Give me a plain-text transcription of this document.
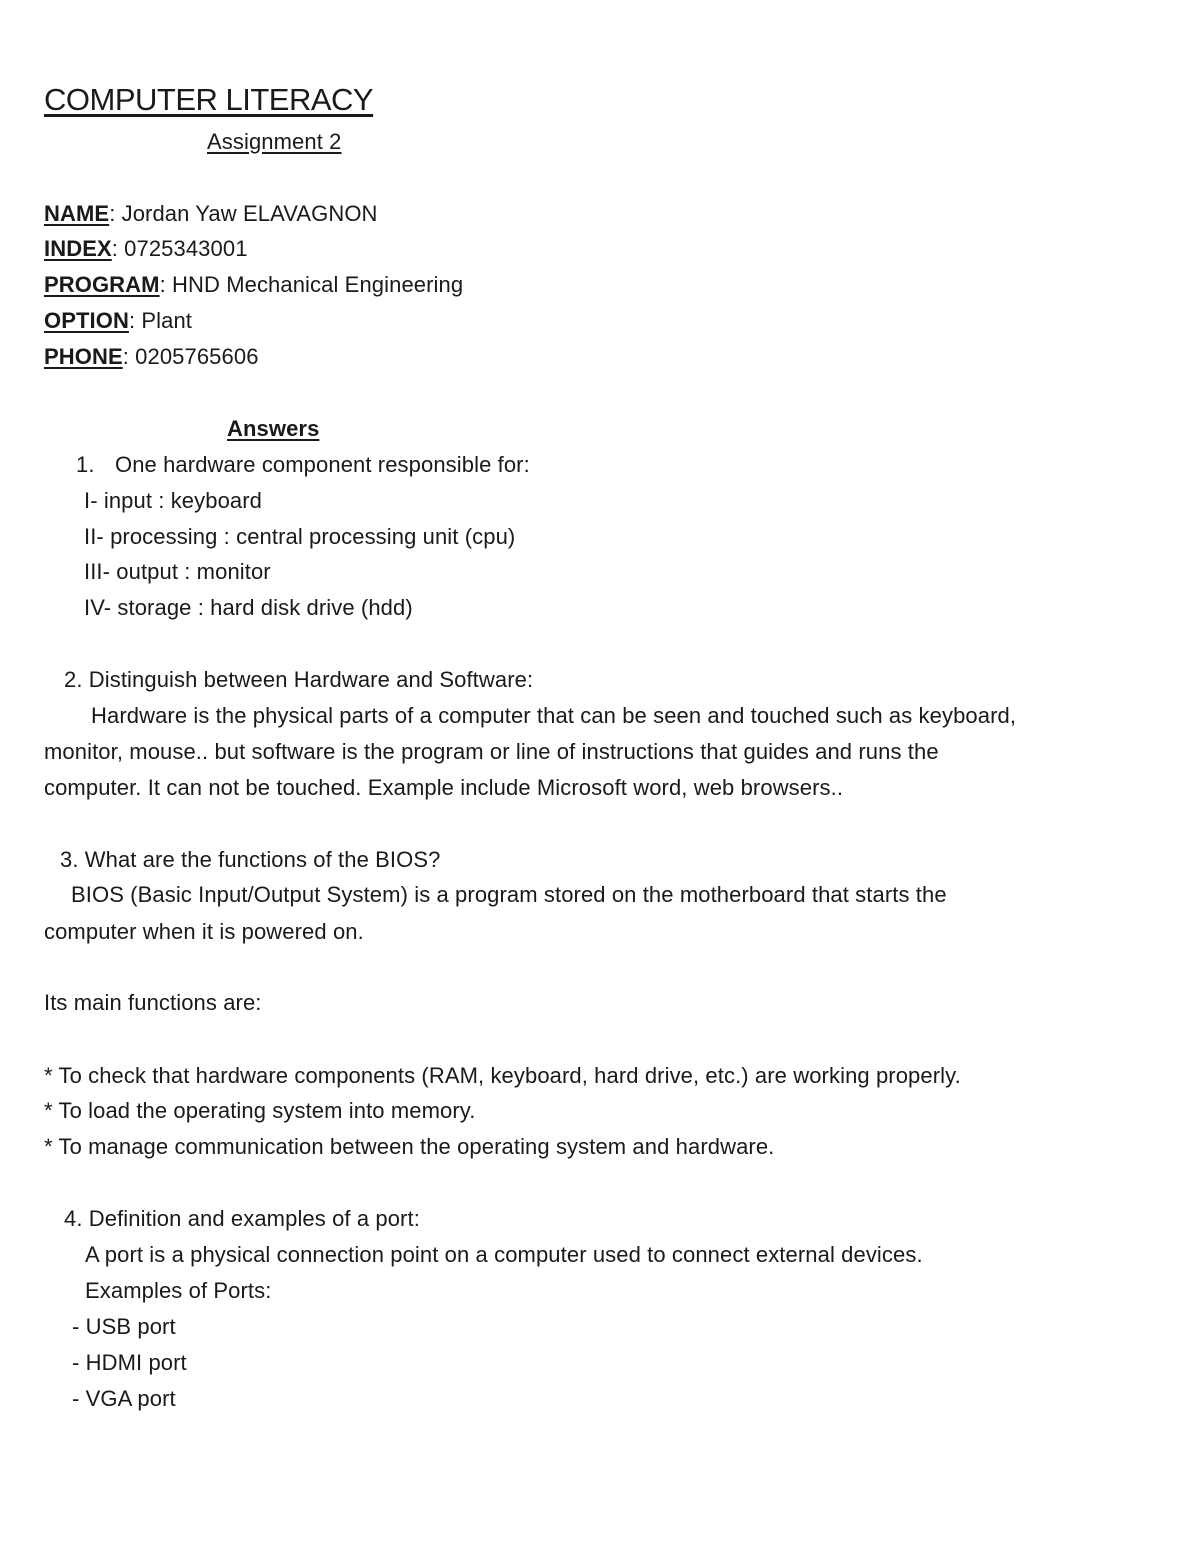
COMPUTER LITERACY
Assignment 2
NAME: Jordan Yaw ELAVAGNON
INDEX: 0725343001
PROGRAM: HND Mechanical Engineering
OPTION: Plant
PHONE: 0205765606
Answers
1. One hardware component responsible for:
I- input : keyboard
II- processing : central processing unit (cpu)
III- output : monitor
IV- storage : hard disk drive (hdd)
2. Distinguish between Hardware and Software:
Hardware is the physical parts of a computer that can be seen and touched such as keyboard,
monitor, mouse.. but software is the program or line of instructions that guides and runs the
computer. It can not be touched. Example include Microsoft word, web browsers..
3. What are the functions of the BIOS?
BIOS (Basic Input/Output System) is a program stored on the motherboard that starts the
computer when it is powered on.
Its main functions are:
* To check that hardware components (RAM, keyboard, hard drive, etc.) are working properly.
* To load the operating system into memory.
* To manage communication between the operating system and hardware.
4. Definition and examples of a port:
A port is a physical connection point on a computer used to connect external devices.
Examples of Ports:
- USB port
- HDMI port
- VGA port
